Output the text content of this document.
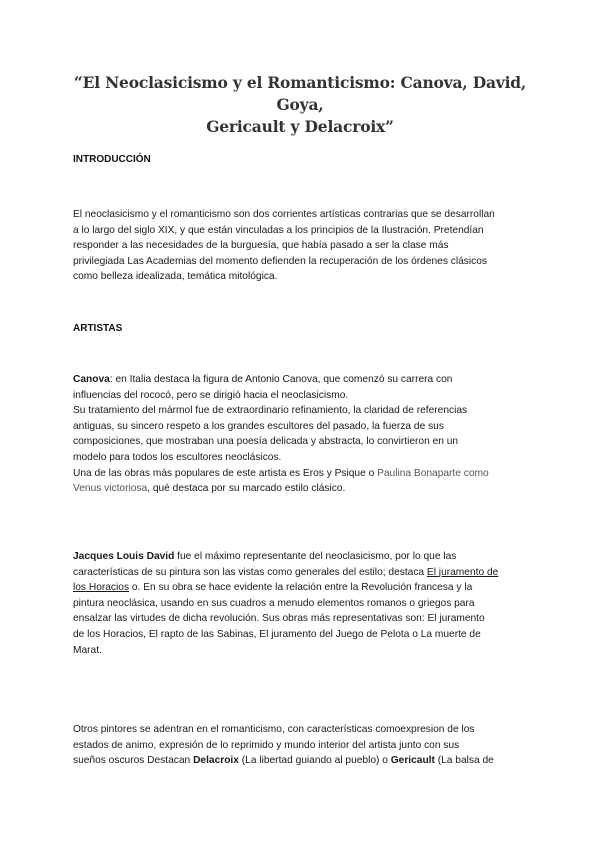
“El Neoclasicismo y el Romanticismo: Canova, David, Goya,
Gericault y Delacroix”
INTRODUCCIÓN
El neoclasicismo y el romanticismo son dos corrientes artísticas contrarias que se desarrollan
a lo largo del siglo XIX, y que están vinculadas a los principios de la Ilustración. Pretendían
responder a las necesidades de la burguesía, que había pasado a ser la clase más
privilegiada Las Academias del momento defienden la recuperación de los órdenes clásicos
como belleza idealizada, temática mitológica.
ARTISTAS
Canova: en Italia destaca la figura de Antonio Canova, que comenzó su carrera con
influencias del rococó, pero se dirigió hacia el neoclasicismo.
Su tratamiento del mármol fue de extraordinario refinamiento, la claridad de referencias
antiguas, su sincero respeto a los grandes escultores del pasado, la fuerza de sus
composiciones, que mostraban una poesía delicada y abstracta, lo convirtieron en un
modelo para todos los escultores neoclásicos.
Una de las obras más populares de este artista es Eros y Psique o Paulina Bonaparte como
Venus victoriosa, qué destaca por su marcado estilo clásico.
Jacques Louis David fue el máximo representante del neoclasicismo, por lo que las
características de su pintura son las vistas como generales del estilo; destaca El juramento de
los Horacios o. En su obra se hace evidente la relación entre la Revolución francesa y la
pintura neoclásica, usando en sus cuadros a menudo elementos romanos o griegos para
ensalzar las virtudes de dicha revolución. Sus obras más representativas son: El juramento
de los Horacios, El rapto de las Sabinas, El juramento del Juego de Pelota o La muerte de
Marat.
Otros pintores se adentran en el romanticismo, con características comoexpresion de los
estados de animo, expresión de lo reprimido y mundo interior del artista junto con sus
sueños oscuros Destacan Delacroix (La libertad guiando al pueblo) o Gericault (La balsa de
